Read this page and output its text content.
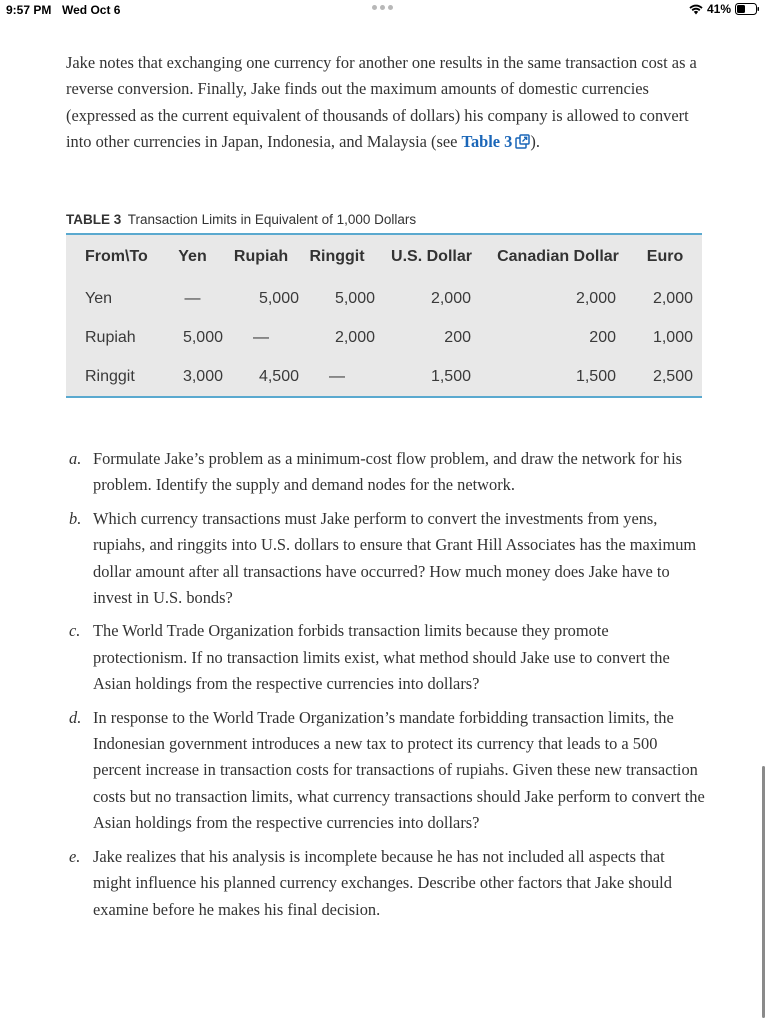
9:57 PM Wed Oct 6	41%

Jake notes that exchanging one currency for another one results in the same transaction cost as a reverse conversion. Finally, Jake finds out the maximum amounts of domestic currencies (expressed as the current equivalent of thousands of dollars) his company is allowed to convert into other currencies in Japan, Indonesia, and Malaysia (see Table 3 ).

TABLE 3 Transaction Limits in Equivalent of 1,000 Dollars
From\To	Yen	Rupiah	Ringgit	U.S. Dollar	Canadian Dollar	Euro
Yen	—	5,000	5,000	2,000	2,000	2,000
Rupiah	5,000	—	2,000	200	200	1,000
Ringgit	3,000	4,500	—	1,500	1,500	2,500
a. Formulate Jake’s problem as a minimum-cost flow problem, and draw the network for his problem. Identify the supply and demand nodes for the network.
b. Which currency transactions must Jake perform to convert the investments from yens, rupiahs, and ringgits into U.S. dollars to ensure that Grant Hill Associates has the maximum dollar amount after all transactions have occurred? How much money does Jake have to invest in U.S. bonds?
c. The World Trade Organization forbids transaction limits because they promote protectionism. If no transaction limits exist, what method should Jake use to convert the Asian holdings from the respective currencies into dollars?
d. In response to the World Trade Organization’s mandate forbidding transaction limits, the Indonesian government introduces a new tax to protect its currency that leads to a 500 percent increase in transaction costs for transactions of rupiahs. Given these new transaction costs but no transaction limits, what currency transactions should Jake perform to convert the Asian holdings from the respective currencies into dollars?
e. Jake realizes that his analysis is incomplete because he has not included all aspects that might influence his planned currency exchanges. Describe other factors that Jake should examine before he makes his final decision.
